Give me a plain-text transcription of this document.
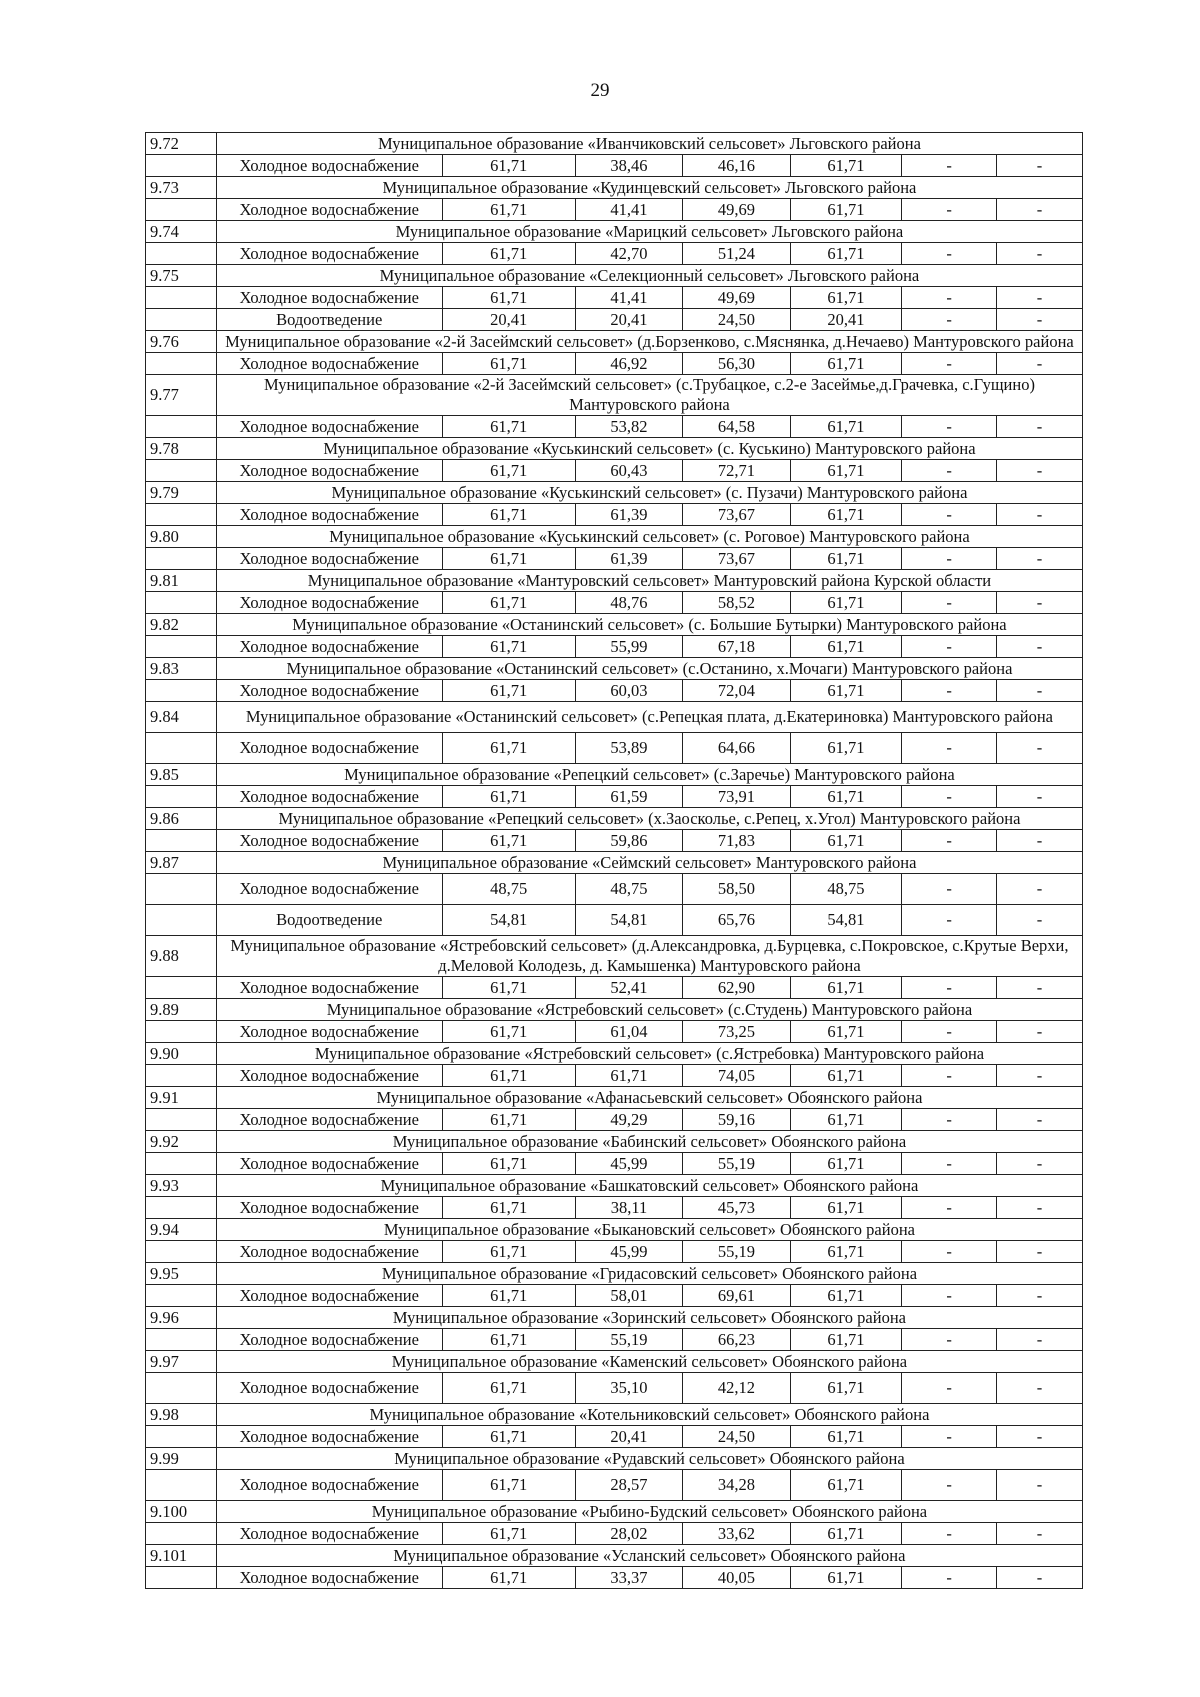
29
9.72	Муниципальное образование «Иванчиковский сельсовет» Льговского района						
	Холодное водоснабжение	61,71	38,46	46,16	61,71	-	-
9.73	Муниципальное образование «Кудинцевский сельсовет» Льговского района						
	Холодное водоснабжение	61,71	41,41	49,69	61,71	-	-
9.74	Муниципальное образование «Марицкий сельсовет» Льговского района						
	Холодное водоснабжение	61,71	42,70	51,24	61,71	-	-
9.75	Муниципальное образование «Селекционный сельсовет» Льговского района						
	Холодное водоснабжение	61,71	41,41	49,69	61,71	-	-
	Водоотведение	20,41	20,41	24,50	20,41	-	-
9.76	Муниципальное образование «2-й Засеймский сельсовет» (д.Борзенково, с.Мяснянка, д.Нечаево) Мантуровского района						
	Холодное водоснабжение	61,71	46,92	56,30	61,71	-	-
9.77	Муниципальное образование «2-й Засеймский сельсовет» (с.Трубацкое, с.2-е Засеймье,д.Грачевка, с.Гущино) Мантуровского района						
	Холодное водоснабжение	61,71	53,82	64,58	61,71	-	-
9.78	Муниципальное образование «Куськинский сельсовет» (с. Куськино) Мантуровского района						
	Холодное водоснабжение	61,71	60,43	72,71	61,71	-	-
9.79	Муниципальное образование «Куськинский сельсовет» (с. Пузачи) Мантуровского района						
	Холодное водоснабжение	61,71	61,39	73,67	61,71	-	-
9.80	Муниципальное образование «Куськинский сельсовет» (с. Роговое) Мантуровского района						
	Холодное водоснабжение	61,71	61,39	73,67	61,71	-	-
9.81	Муниципальное образование «Мантуровский сельсовет» Мантуровский района Курской области						
	Холодное водоснабжение	61,71	48,76	58,52	61,71	-	-
9.82	Муниципальное образование «Останинский сельсовет» (с. Большие Бутырки) Мантуровского района						
	Холодное водоснабжение	61,71	55,99	67,18	61,71	-	-
9.83	Муниципальное образование «Останинский сельсовет» (с.Останино, х.Мочаги) Мантуровского района						
	Холодное водоснабжение	61,71	60,03	72,04	61,71	-	-
9.84	Муниципальное образование «Останинский сельсовет» (с.Репецкая плата, д.Екатериновка) Мантуровского района						
	Холодное водоснабжение	61,71	53,89	64,66	61,71	-	-
9.85	Муниципальное образование «Репецкий сельсовет» (с.Заречье) Мантуровского района						
	Холодное водоснабжение	61,71	61,59	73,91	61,71	-	-
9.86	Муниципальное образование «Репецкий сельсовет» (х.Заосколье, с.Репец, х.Угол) Мантуровского района						
	Холодное водоснабжение	61,71	59,86	71,83	61,71	-	-
9.87	Муниципальное образование «Сеймский сельсовет» Мантуровского района						
	Холодное водоснабжение	48,75	48,75	58,50	48,75	-	-
	Водоотведение	54,81	54,81	65,76	54,81	-	-
9.88	Муниципальное образование «Ястребовский сельсовет» (д.Александровка, д.Бурцевка, с.Покровское, с.Крутые Верхи, д.Меловой Колодезь, д. Камышенка) Мантуровского района						
	Холодное водоснабжение	61,71	52,41	62,90	61,71	-	-
9.89	Муниципальное образование «Ястребовский сельсовет» (с.Студень) Мантуровского района						
	Холодное водоснабжение	61,71	61,04	73,25	61,71	-	-
9.90	Муниципальное образование «Ястребовский сельсовет» (с.Ястребовка) Мантуровского района						
	Холодное водоснабжение	61,71	61,71	74,05	61,71	-	-
9.91	Муниципальное образование «Афанасьевский сельсовет» Обоянского района						
	Холодное водоснабжение	61,71	49,29	59,16	61,71	-	-
9.92	Муниципальное образование «Бабинский сельсовет» Обоянского района						
	Холодное водоснабжение	61,71	45,99	55,19	61,71	-	-
9.93	Муниципальное образование «Башкатовский сельсовет» Обоянского района						
	Холодное водоснабжение	61,71	38,11	45,73	61,71	-	-
9.94	Муниципальное образование «Быкановский сельсовет» Обоянского района						
	Холодное водоснабжение	61,71	45,99	55,19	61,71	-	-
9.95	Муниципальное образование «Гридасовский сельсовет» Обоянского района						
	Холодное водоснабжение	61,71	58,01	69,61	61,71	-	-
9.96	Муниципальное образование «Зоринский сельсовет» Обоянского района						
	Холодное водоснабжение	61,71	55,19	66,23	61,71	-	-
9.97	Муниципальное образование «Каменский сельсовет» Обоянского района						
	Холодное водоснабжение	61,71	35,10	42,12	61,71	-	-
9.98	Муниципальное образование «Котельниковский сельсовет» Обоянского района						
	Холодное водоснабжение	61,71	20,41	24,50	61,71	-	-
9.99	Муниципальное образование «Рудавский сельсовет» Обоянского района						
	Холодное водоснабжение	61,71	28,57	34,28	61,71	-	-
9.100	Муниципальное образование «Рыбино-Будский сельсовет» Обоянского района						
	Холодное водоснабжение	61,71	28,02	33,62	61,71	-	-
9.101	Муниципальное образование «Усланский сельсовет» Обоянского района						
	Холодное водоснабжение	61,71	33,37	40,05	61,71	-	-
